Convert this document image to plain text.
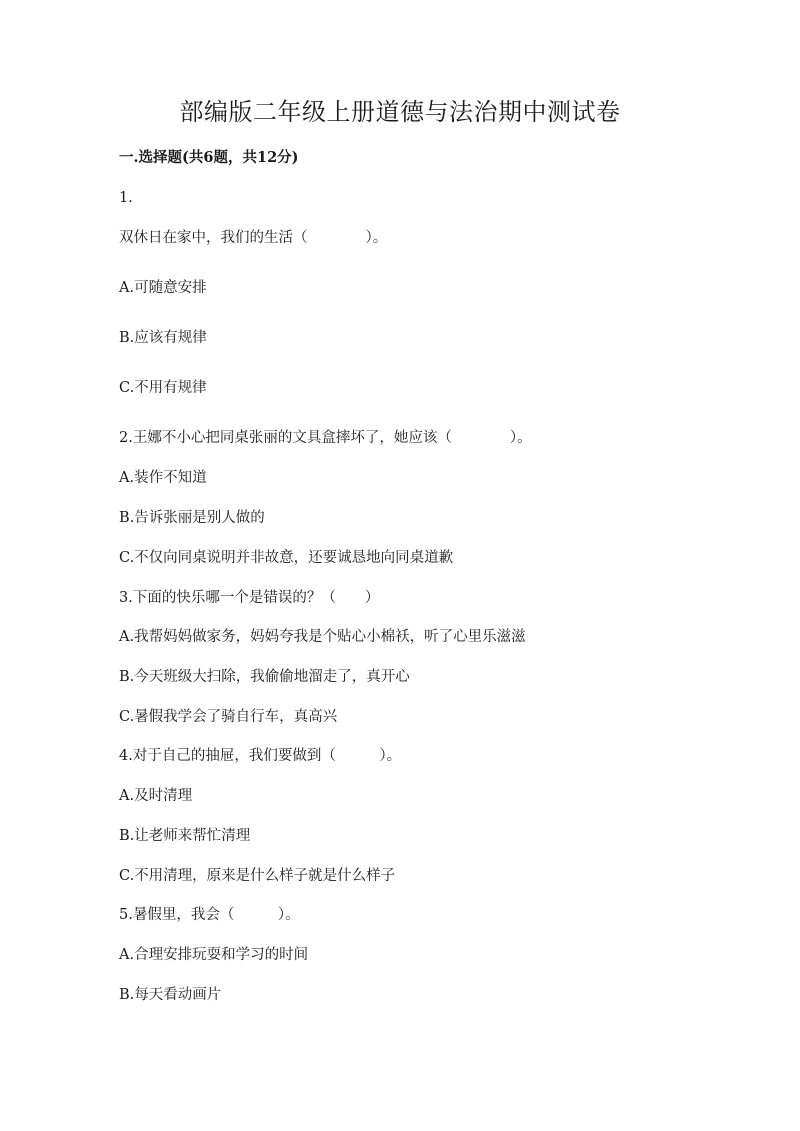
部编版二年级上册道德与法治期中测试卷
一.选择题(共6题，共12分)
1.
双休日在家中，我们的生活（　　　　）。
A.可随意安排
B.应该有规律
C.不用有规律
2.王娜不小心把同桌张丽的文具盒摔坏了，她应该（　　　　）。
A.装作不知道
B.告诉张丽是别人做的
C.不仅向同桌说明并非故意，还要诚恳地向同桌道歉
3.下面的快乐哪一个是错误的？（　　）
A.我帮妈妈做家务，妈妈夸我是个贴心小棉袄，听了心里乐滋滋
B.今天班级大扫除，我偷偷地溜走了，真开心
C.暑假我学会了骑自行车，真高兴
4.对于自己的抽屉，我们要做到（　　　）。
A.及时清理
B.让老师来帮忙清理
C.不用清理，原来是什么样子就是什么样子
5.暑假里，我会（　　　）。
A.合理安排玩耍和学习的时间
B.每天看动画片
